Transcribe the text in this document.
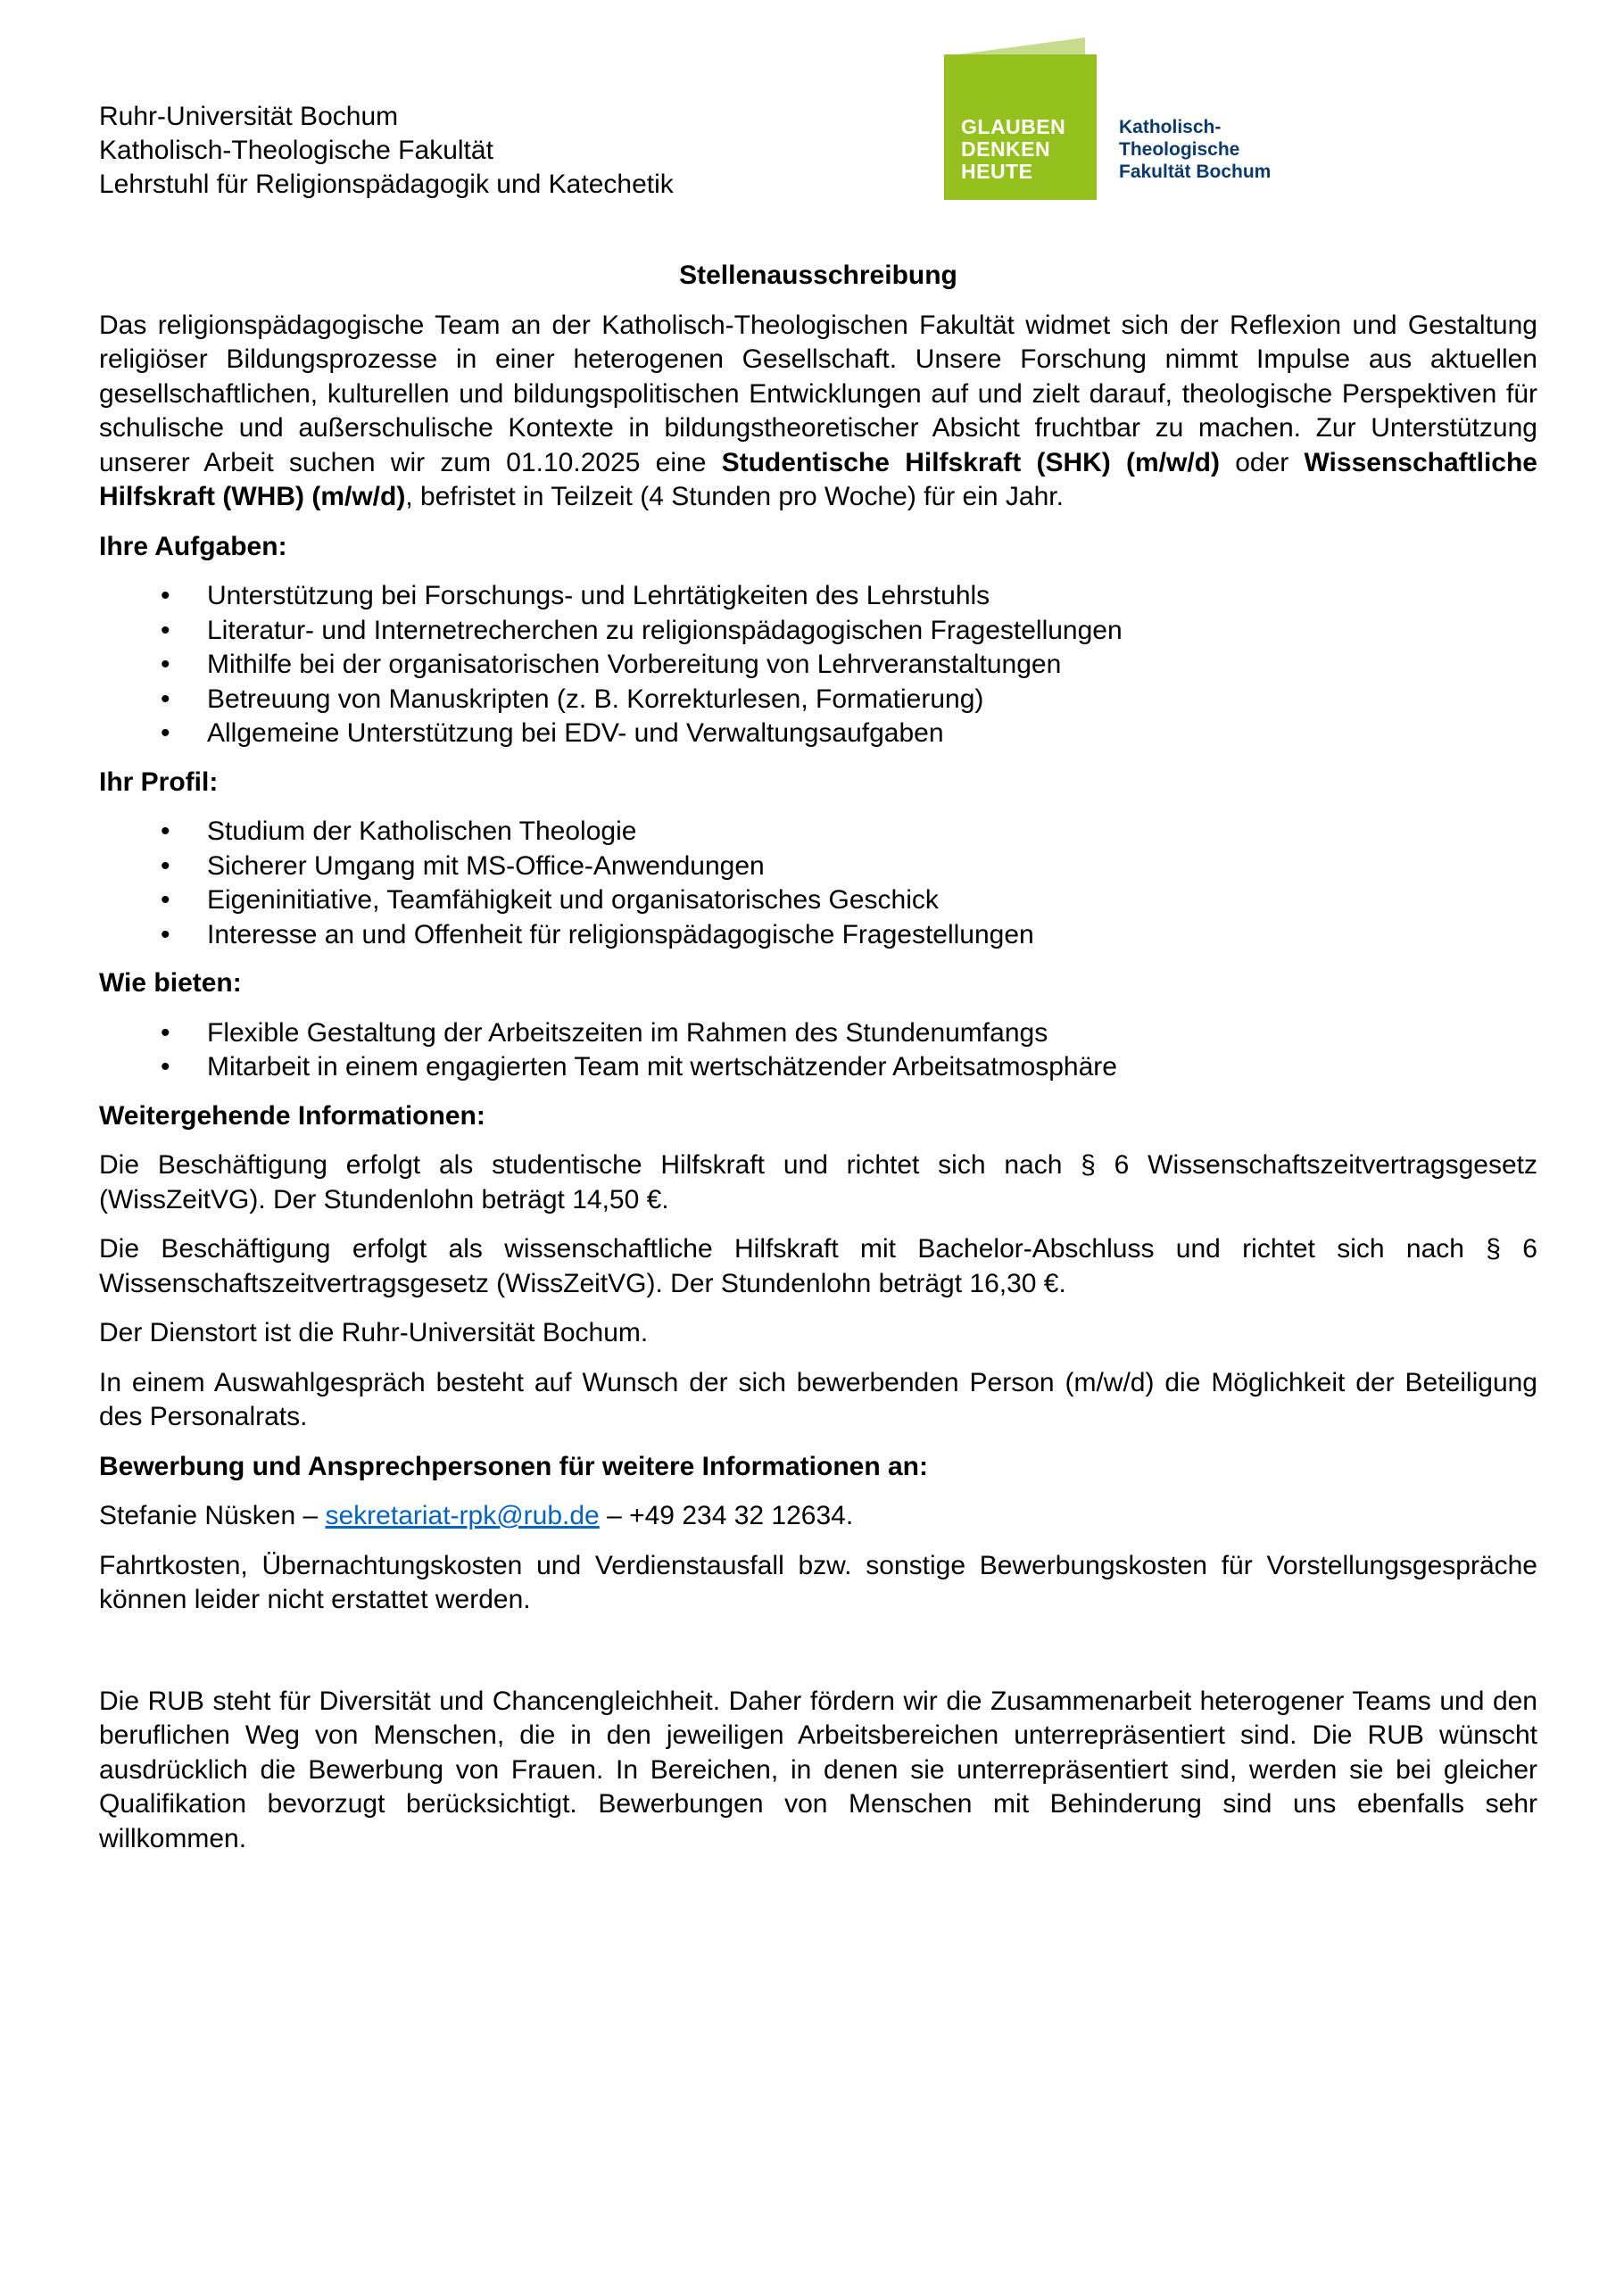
Ruhr-Universität Bochum
Katholisch-Theologische Fakultät
Lehrstuhl für Religionspädagogik und Katechetik
GLAUBEN
DENKEN
HEUTE
Katholisch-
Theologische
Fakultät Bochum
Stellenausschreibung

Das religionspädagogische Team an der Katholisch-Theologischen Fakultät widmet sich der Reflexion und Gestaltung religiöser Bildungsprozesse in einer heterogenen Gesellschaft. Unsere Forschung nimmt Impulse aus aktuellen gesellschaftlichen, kulturellen und bildungspolitischen Entwicklungen auf und zielt darauf, theologische Perspektiven für schulische und außerschulische Kontexte in bildungstheoretischer Absicht fruchtbar zu machen. Zur Unterstützung unserer Arbeit suchen wir zum 01.10.2025 eine Studentische Hilfskraft (SHK) (m/w/d) oder Wissenschaftliche Hilfskraft (WHB) (m/w/d), befristet in Teilzeit (4 Stunden pro Woche) für ein Jahr.

Ihre Aufgaben:
• Unterstützung bei Forschungs- und Lehrtätigkeiten des Lehrstuhls
• Literatur- und Internetrecherchen zu religionspädagogischen Fragestellungen
• Mithilfe bei der organisatorischen Vorbereitung von Lehrveranstaltungen
• Betreuung von Manuskripten (z. B. Korrekturlesen, Formatierung)
• Allgemeine Unterstützung bei EDV- und Verwaltungsaufgaben
Ihr Profil:
• Studium der Katholischen Theologie
• Sicherer Umgang mit MS-Office-Anwendungen
• Eigeninitiative, Teamfähigkeit und organisatorisches Geschick
• Interesse an und Offenheit für religionspädagogische Fragestellungen
Wie bieten:
• Flexible Gestaltung der Arbeitszeiten im Rahmen des Stundenumfangs
• Mitarbeit in einem engagierten Team mit wertschätzender Arbeitsatmosphäre
Weitergehende Informationen:

Die Beschäftigung erfolgt als studentische Hilfskraft und richtet sich nach § 6 Wissenschaftszeitvertragsgesetz (WissZeitVG). Der Stundenlohn beträgt 14,50 €.

Die Beschäftigung erfolgt als wissenschaftliche Hilfskraft mit Bachelor-Abschluss und richtet sich nach § 6 Wissenschaftszeitvertragsgesetz (WissZeitVG). Der Stundenlohn beträgt 16,30 €.

Der Dienstort ist die Ruhr-Universität Bochum.

In einem Auswahlgespräch besteht auf Wunsch der sich bewerbenden Person (m/w/d) die Möglichkeit der Beteiligung des Personalrats.

Bewerbung und Ansprechpersonen für weitere Informationen an:

Stefanie Nüsken – sekretariat-rpk@rub.de – +49 234 32 12634.

Fahrtkosten, Übernachtungskosten und Verdienstausfall bzw. sonstige Bewerbungskosten für Vorstellungsgespräche können leider nicht erstattet werden.

Die RUB steht für Diversität und Chancengleichheit. Daher fördern wir die Zusammenarbeit heterogener Teams und den beruflichen Weg von Menschen, die in den jeweiligen Arbeitsbereichen unterrepräsentiert sind. Die RUB wünscht ausdrücklich die Bewerbung von Frauen. In Bereichen, in denen sie unterrepräsentiert sind, werden sie bei gleicher Qualifikation bevorzugt berücksichtigt. Bewerbungen von Menschen mit Behinderung sind uns ebenfalls sehr willkommen.
